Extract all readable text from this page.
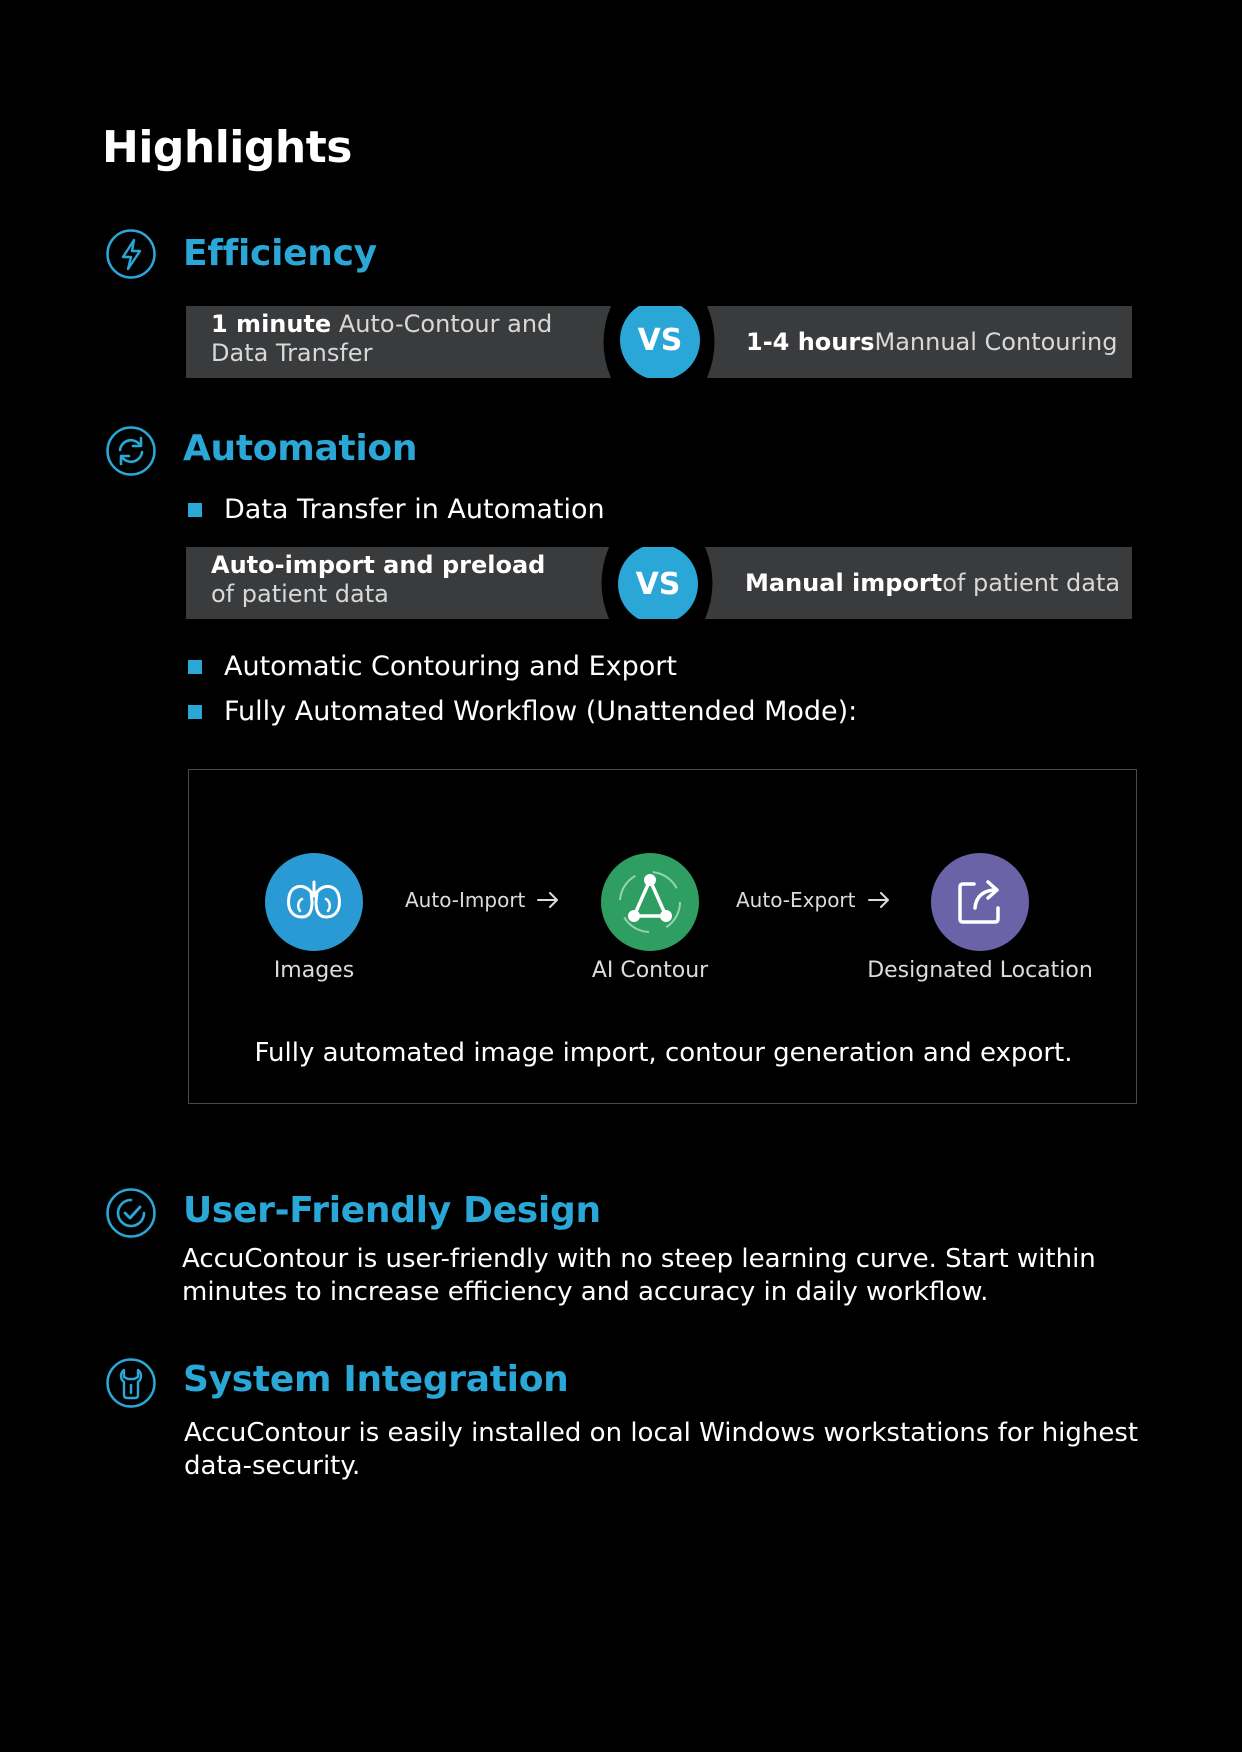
Highlights
Efficiency
1 minute Auto-Contour and Data Transfer	VS	1-4 hours Mannual Contouring
Automation
Data Transfer in Automation
Auto-import and preload of patient data	VS	Manual import of patient data
Automatic Contouring and Export
Fully Automated Workflow (Unattended Mode):
Images
Auto-Import
AI Contour
Auto-Export
Designated Location
Fully automated image import, contour generation and export.
User-Friendly Design

AccuContour is user-friendly with no steep learning curve. Start within
minutes to increase efficiency and accuracy in daily workflow.

System Integration

AccuContour is easily installed on local Windows workstations for highest
data-security.
